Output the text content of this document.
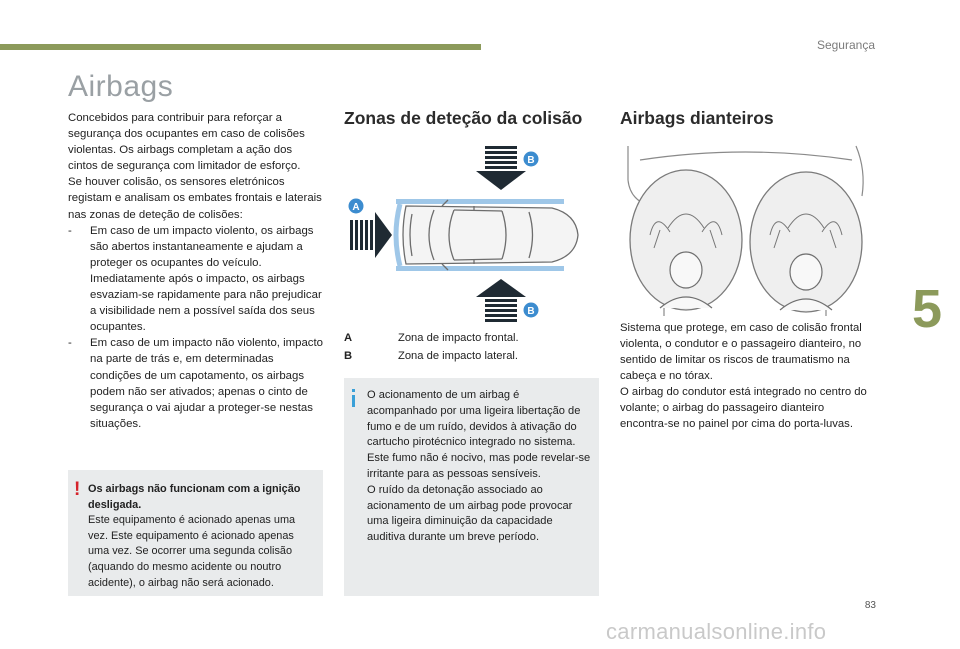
Segurança
5
Airbags

Concebidos para contribuir para reforçar a segurança dos ocupantes em caso de colisões violentas. Os airbags completam a ação dos cintos de segurança com limitador de esforço.

Se houver colisão, os sensores eletrónicos registam e analisam os embates frontais e laterais nas zonas de deteção de colisões:

- Em caso de um impacto violento, os airbags são abertos instantaneamente e ajudam a proteger os ocupantes do veículo. Imediatamente após o impacto, os airbags esvaziam-se rapidamente para não prejudicar a visibilidade nem a possível saída dos seus ocupantes.
- Em caso de um impacto não violento, impacto na parte de trás e, em determinadas condições de um capotamento, os airbags podem não ser ativados; apenas o cinto de segurança o vai ajudar a proteger-se nestas situações.
! Os airbags não funcionam com a ignição desligada.
Este equipamento é acionado apenas uma vez. Este equipamento é acionado apenas uma vez. Se ocorrer uma segunda colisão (aquando do mesmo acidente ou noutro acidente), o airbag não será acionado.
Zonas de deteção da colisão
B
B
A
A	Zona de impacto frontal.
B	Zona de impacto lateral.
O acionamento de um airbag é acompanhado por uma ligeira libertação de fumo e de um ruído, devidos à ativação do cartucho pirotécnico integrado no sistema.
Este fumo não é nocivo, mas pode revelar-se irritante para as pessoas sensíveis.
O ruído da detonação associado ao acionamento de um airbag pode provocar uma ligeira diminuição da capacidade auditiva durante um breve período.
Airbags dianteiros
Sistema que protege, em caso de colisão frontal violenta, o condutor e o passageiro dianteiro, no sentido de limitar os riscos de traumatismo na cabeça e no tórax.
O airbag do condutor está integrado no centro do volante; o airbag do passageiro dianteiro encontra-se no painel por cima do porta-luvas.
83
carmanualsonline.info
